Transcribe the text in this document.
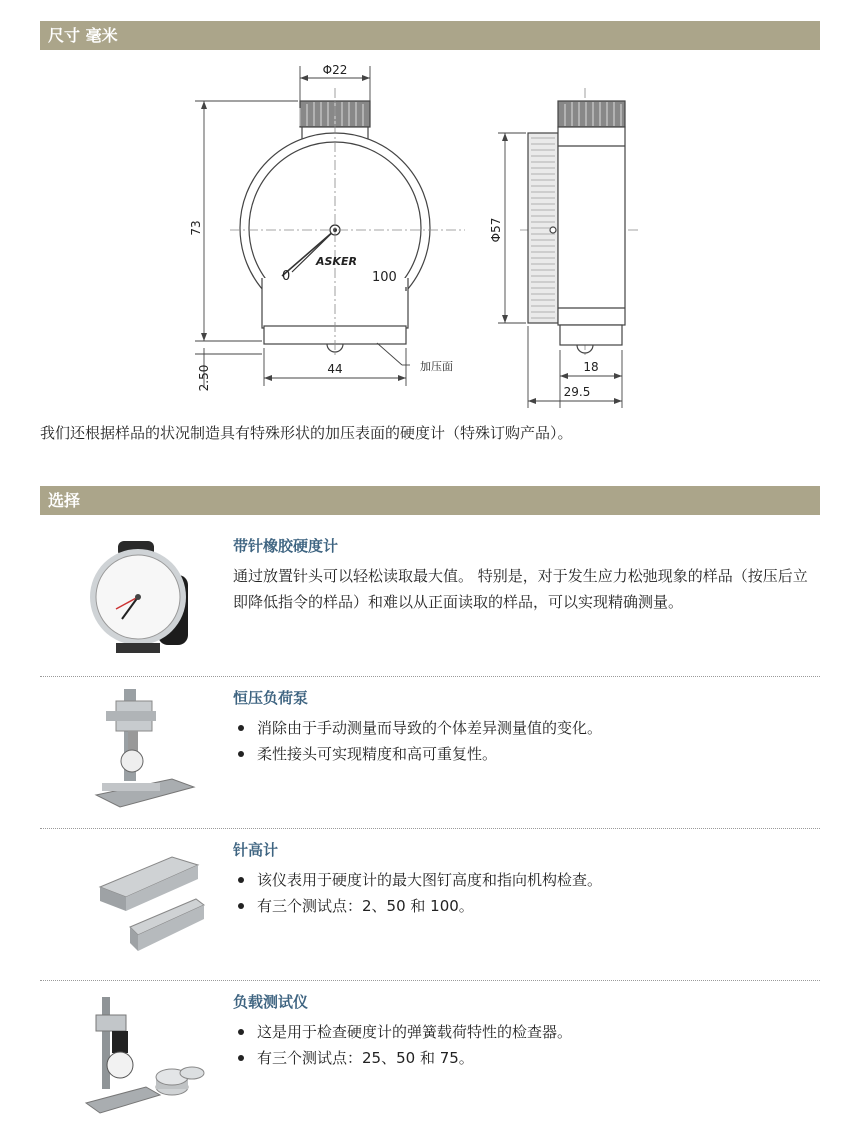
尺寸 毫米
Φ22
73
2.50	44	加压面
0	100
ASKER
Φ57
18
29.5
我们还根据样品的状况制造具有特殊形状的加压表面的硬度计（特殊订购产品）。
选择
带针橡胶硬度计
通过放置针头可以轻松读取最大值。 特别是，对于发生应力松弛现象的样品（按压后立即降低指令的样品）和难以从正面读取的样品，可以实现精确测量。
恒压负荷泵
消除由于手动测量而导致的个体差异测量值的变化。
柔性接头可实现精度和高可重复性。
针高计
该仪表用于硬度计的最大图钉高度和指向机构检查。
有三个测试点：2、50 和 100。
负载测试仪
这是用于检查硬度计的弹簧载荷特性的检查器。
有三个测试点：25、50 和 75。
